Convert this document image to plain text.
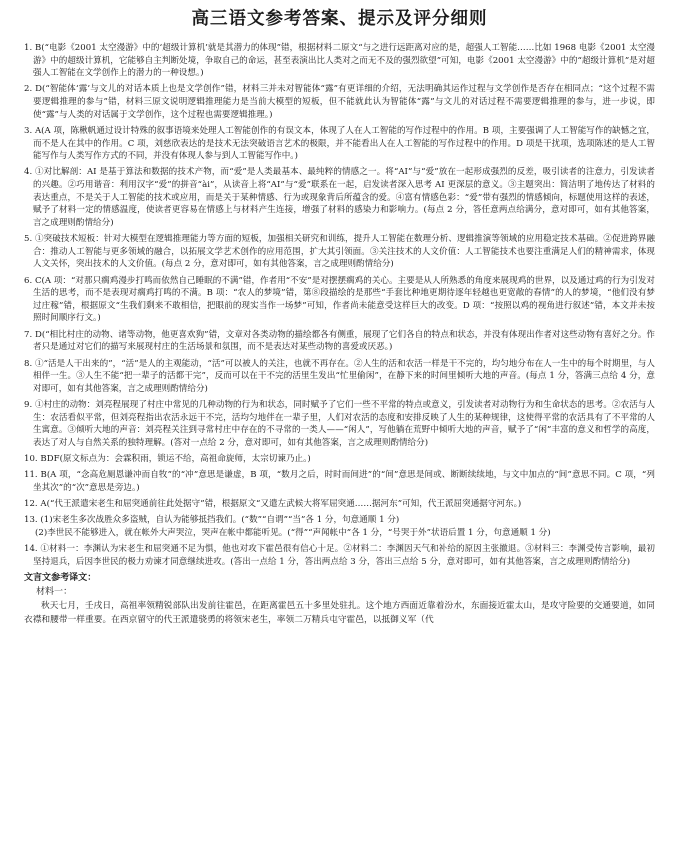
高三语文参考答案、提示及评分细则

1. B(“电影《2001 太空漫游》中的‘超级计算机’就是其潜力的体现”错，根据材料二原文“与之进行远距离对应的是，超强人工智能……比如 1968 电影《2001 太空漫游》中的超级计算机，它能够自主判断处境，争取自己的命运，甚至表演出比人类对之而无不及的强烈欲望”可知，电影《2001 太空漫游》中的“超级计算机”是对超强人工智能在文学创作上的潜力的一种设想。)

2. D(“智能体‘露’与文儿的对话本质上也是文学创作”错，材料三并未对智能体“露”有更详细的介绍，无法明确其运作过程与文学创作是否存在相同点；“这个过程不需要逻辑推理的参与”错，材料三原文说明逻辑推理能力是当前大模型的短板，但不能就此认为智能体“露”与文儿的对话过程不需要逻辑推理的参与，进一步说，即使“露”与人类的对话属于文学创作，这个过程也需要逻辑推理。)

3. A(A 项，陈楸帆通过设计特殊的叙事语境来处理人工智能创作的有误文本，体现了人在人工智能的写作过程中的作用。B 项，主要强调了人工智能写作的缺憾之宜，而不是人在其中的作用。C 项，刘慈欣表达的是技术无法突破语言艺术的极限，并不能看出人在人工智能的写作过程中的作用。D 项是干扰项，选项陈述的是人工智能写作与人类写作方式的不同，并没有体现人参与到人工智能写作中。)

4. ①对比解剖：AI 是基于算法和数据的技术产物，而“爱”是人类最基本、最纯粹的情感之一。将“AI”与“爱”放在一起形成强烈的反差，吸引读者的注意力，引发读者的兴趣。②巧用谐音：利用汉字“爱”的拼音“ài”，从读音上将“AI”与“爱”联系在一起，启发读者深入思考 AI 更深层的意义。③主题突出：简洁明了地传达了材料的表达重点，不是关于人工智能的技术或应用，而是关于某种情感、行为或现象背后所蕴含的爱。④富有情感色彩：“爱”带有强烈的情感倾向，标题使用这样的表述，赋予了材料一定的情感温度，使读者更容易在情感上与材料产生连接，增强了材料的感染力和影响力。(每点 2 分，答任意两点给满分，意对即可，如有其他答案，言之成理则酌情给分)

5. ①突破技术短板：针对大模型在逻辑推理能力等方面的短板，加强相关研究和训练，提升人工智能在数理分析、逻辑推演等领域的应用稳定技术基础。②促进跨界融合：推动人工智能与更多领域的融合，以拓展文学艺术创作的应用范围，扩大其引领面。③关注技术的人文价值：人工智能技术也要注重满足人们的精神需求，体现人文关怀，突出技术的人文价值。(每点 2 分，意对即可，如有其他答案，言之成理则酌情给分)

6. C(A 项：“对那只瘸鸡漫步打鸣而依然自己睡眠的不满”错，作者用“不安”是对摆摆瘸鸡的关心。主要是从人所熟悉的角度来展现鸡的世界，以及通过鸡的行为引发对生活的思考，而不是表现对瘸鸡打鸣的不满。B 项：“农人的梦境”错，第⑧段描绘的是那些“手套比种地更期待逐年轻越也更宽敞的春情”的人的梦境，“他们没有梦过庄稼”错，根据原文“生我们剩来不敢相信，把眼前的现实当作一场梦”可知，作者尚未能意受这样巨大的改变。D 项：“按照以鸡的视角进行叙述”错，本文并未按照时间顺序行文。)

7. D(“相比村庄的动物、诸等动物，他更喜欢狗”错，文章对各类动物的描绘都各有侧重，展现了它们各自的特点和状态，并没有体现出作者对这些动物有喜好之分。作者只是通过对它们的描写来展现村庄的生活场景和氛围，而不是表达对某些动物的喜爱或厌恶。)

8. ①“活是人干出来的”，“活”是人的主观能动，“活”可以被人的关注，也就不再存在。②人生的活和农活一样是干不完的，均匀地分布在人一生中的每个时期里，与人相伴一生。③人生不能“把一辈子的活都干完”，反而可以在干不完的活里生发出“忙里偷闲”，在静下来的时间里倾听大地的声音。(每点 1 分，答满三点给 4 分，意对即可，如有其他答案，言之成理则酌情给分)

9. ①村庄的动物：刘亮程展现了村庄中常见的几种动物的行为和状态，同时赋予了它们一些不平常的特点或意义，引发读者对动物行为和生命状态的思考。②农活与人生：农活看似平常，但刘亮程指出农活永远干不完，活均匀地伴在一辈子里，人们对农活的态度和安排反映了人生的某种规律，这使得平常的农活具有了不平常的人生寓意。③倾听大地的声音：刘亮程关注到寻常村庄中存在的不寻常的一类人——“闲人”，写他躺在荒野中倾听大地的声音，赋予了“闲”丰富的意义和哲学的高度，表达了对人与自然关系的独特理解。(答对一点给 2 分，意对即可，如有其他答案，言之成理则酌情给分)

10. BDF(原文标点为：会霖积雨，锁运不给，高祖命旋师，太宗切谏乃止。)

11. B(A 项，“念高危厕恩谦冲而自牧”的“冲”意思是谦虚，B 项，“数月之后，时时而间进”的“间”意思是间或、断断续续地，与文中加点的“间”意思不同。C 项，“列坐其次”的“次”意思是旁边。)

12. A(“代王派遣宋老生和屈突通前往此处据守”错，根据原文“又遣左武候大将军屈突通……据河东”可知，代王派屈突通据守河东。)

13. (1)宋老生多次战胜众多盗贼，自认为能够抵挡我们。(“数”“自谓”“当”各 1 分，句意通顺 1 分)

(2)李世民不能够进入，就在帐外大声哭泣，哭声在帐中都能听见。(“得”“声闻帐中”各 1 分，“号哭于外”状语后置 1 分，句意通顺 1 分)

14. ①材料一：李渊认为宋老生和屈突通不足为惧，他也对攻下霍邑很有信心十足。②材料二：李渊因天气和补给的原因主张撤退。③材料三：李渊受传言影响，最初坚持退兵，后因李世民的极力劝谏才同意继续进攻。(答出一点给 1 分，答出两点给 3 分，答出三点给 5 分，意对即可，如有其他答案，言之成理则酌情给分)

文言文参考译文：
材料一：

秋天七月，壬戌日，高祖率领精锐部队出发前往霍邑，在距离霍邑五十多里处驻扎。这个地方西面近靠着汾水，东面接近霍太山，是攻守险要的交通要道，如同衣襟和腰带一样重要。在西京留守的代王派遣骁勇的将领宋老生，率领二万精兵屯守霍邑，以抵御义军（代
